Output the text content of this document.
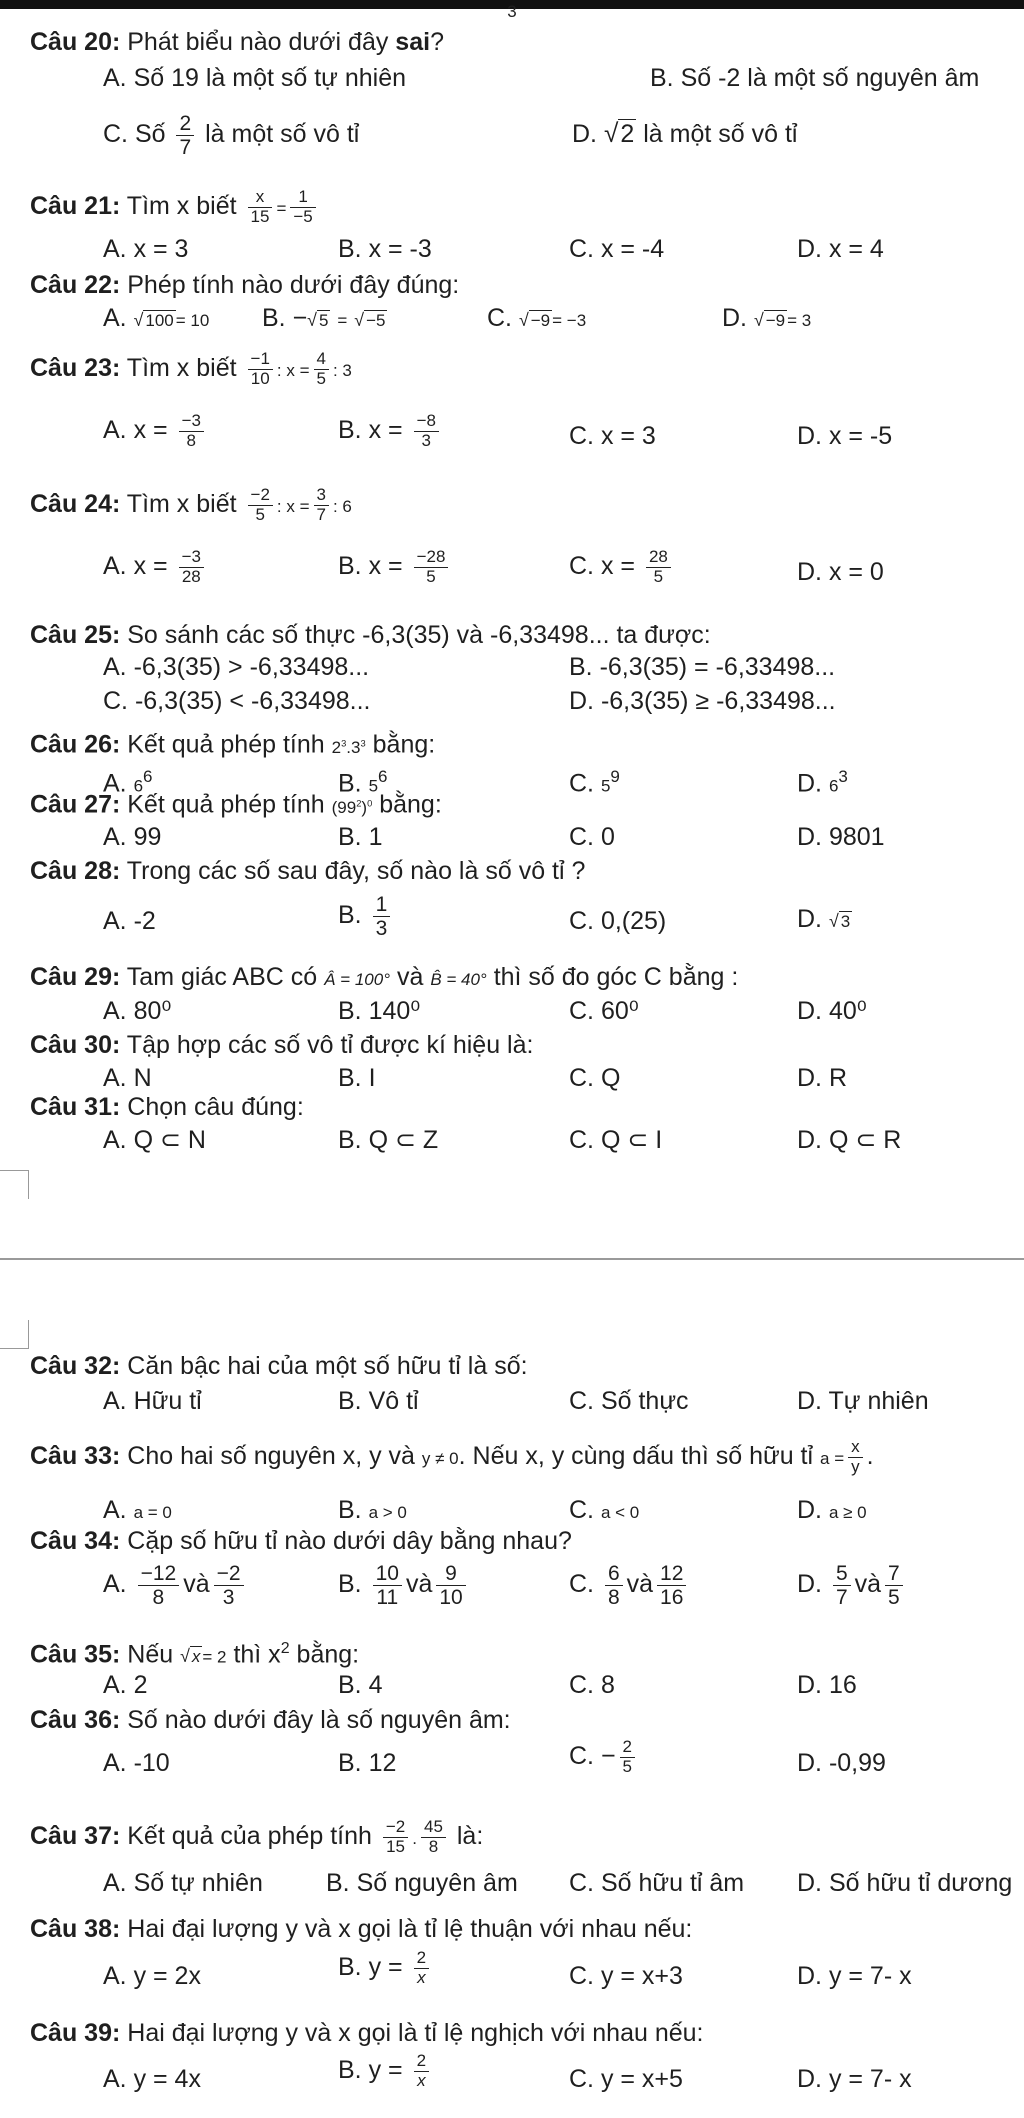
3
Câu 20: Phát biểu nào dưới đây sai?
A. Số 19 là một số tự nhiên	B. Số -2 là một số nguyên âm
C. Số $\frac{2}{7}$ là một số vô tỉ	D. √2 là một số vô tỉ
Câu 21: Tìm x biết $\frac{x}{15} = \frac{1}{-5}$
A. x = 3	B. x = -3	C. x = -4	D. x = 4
Câu 22: Phép tính nào dưới đây đúng:
A. √ 100 = 10 B. −√ 5 = √ −5	C. √ −9 = −3	D. √ −9 = 3
Câu 23: Tìm x biết $\frac{-1}{10}$ : $x = \frac{4}{5}$ : 3
A. $x = \frac{-3}{8}$	B. $x = \frac{-8}{3}$	C. x = 3	D. x = -5
Câu 24: Tìm x biết $\frac{-2}{5}$ : $x = \frac{3}{7}$ : 6
A. $x = \frac{-3}{28}$	B. $x = \frac{-28}{5}$	C. $x = \frac{28}{5}$	D. x = 0
Câu 25: So sánh các số thực -6,3(35) và -6,33498... ta được:
A. -6,3(35) > -6,33498...	B. -6,3(35) = -6,33498...
C. -6,3(35) < -6,33498...	D. -6,3(35) ≥ -6,33498...
Câu 26: Kết quả phép tính $2^3.3^3$ bằng:
A. $6^6$	B. $5^6$	C. $5^9$	D. $6^3$
Câu 27: Kết quả phép tính $(99^2)^0$ bằng:
A. 99	B. 1	C. 0	D. 9801
Câu 28: Trong các số sau đây, số nào là số vô tỉ ?
A. -2	B. $\frac{1}{3}$	C. 0,(25)	D. √ 3
Câu 29: Tam giác ABC có Â = 100° và B̂ = 40° thì số đo góc C bằng :
A. 80⁰	B. 140⁰	C. 60⁰	D. 40⁰
Câu 30: Tập hợp các số vô tỉ được kí hiệu là:
A. N	B. I	C. Q	D. R
Câu 31: Chọn câu đúng:
A. Q ⊂ N	B. Q ⊂ Z	C. Q ⊂ I	D. Q ⊂ R
Câu 32: Căn bậc hai của một số hữu tỉ là số:
A. Hữu tỉ	B. Vô tỉ	C. Số thực	D. Tự nhiên
Câu 33: Cho hai số nguyên x, y và y ≠ 0. Nếu x, y cùng dấu thì số hữu tỉ $a = \frac{x}{y}$ .
A. a = 0	B. a > 0	C. a < 0	D. a ≥ 0
Câu 34: Cặp số hữu tỉ nào dưới dây bằng nhau?
A. $\frac{-12}{8}$ và $\frac{-2}{3}$	B. $\frac{10}{11}$ và $\frac{9}{10}$	C. $\frac{6}{8}$ và $\frac{12}{16}$	D. $\frac{5}{7}$ và $\frac{7}{5}$
Câu 35: Nếu √ x = 2 thì $x^2$ bằng:
A. 2	B. 4	C. 8	D. 16
Câu 36: Số nào dưới đây là số nguyên âm:
A. -10	B. 12	C. − $\frac{2}{5}$	D. -0,99
Câu 37: Kết quả của phép tính $\frac{-2}{15}$ . $\frac{45}{8}$ là:
A. Số tự nhiên	B. Số nguyên âm C. Số hữu tỉ âm D. Số hữu tỉ dương
Câu 38: Hai đại lượng y và x gọi là tỉ lệ thuận với nhau nếu:
A. y = 2x	B. $y = \frac{2}{x}$	C. y = x+3	D. y = 7- x
Câu 39: Hai đại lượng y và x gọi là tỉ lệ nghịch với nhau nếu:
A. y = 4x	B. $y = \frac{2}{x}$	C. y = x+5	D. y = 7- x
